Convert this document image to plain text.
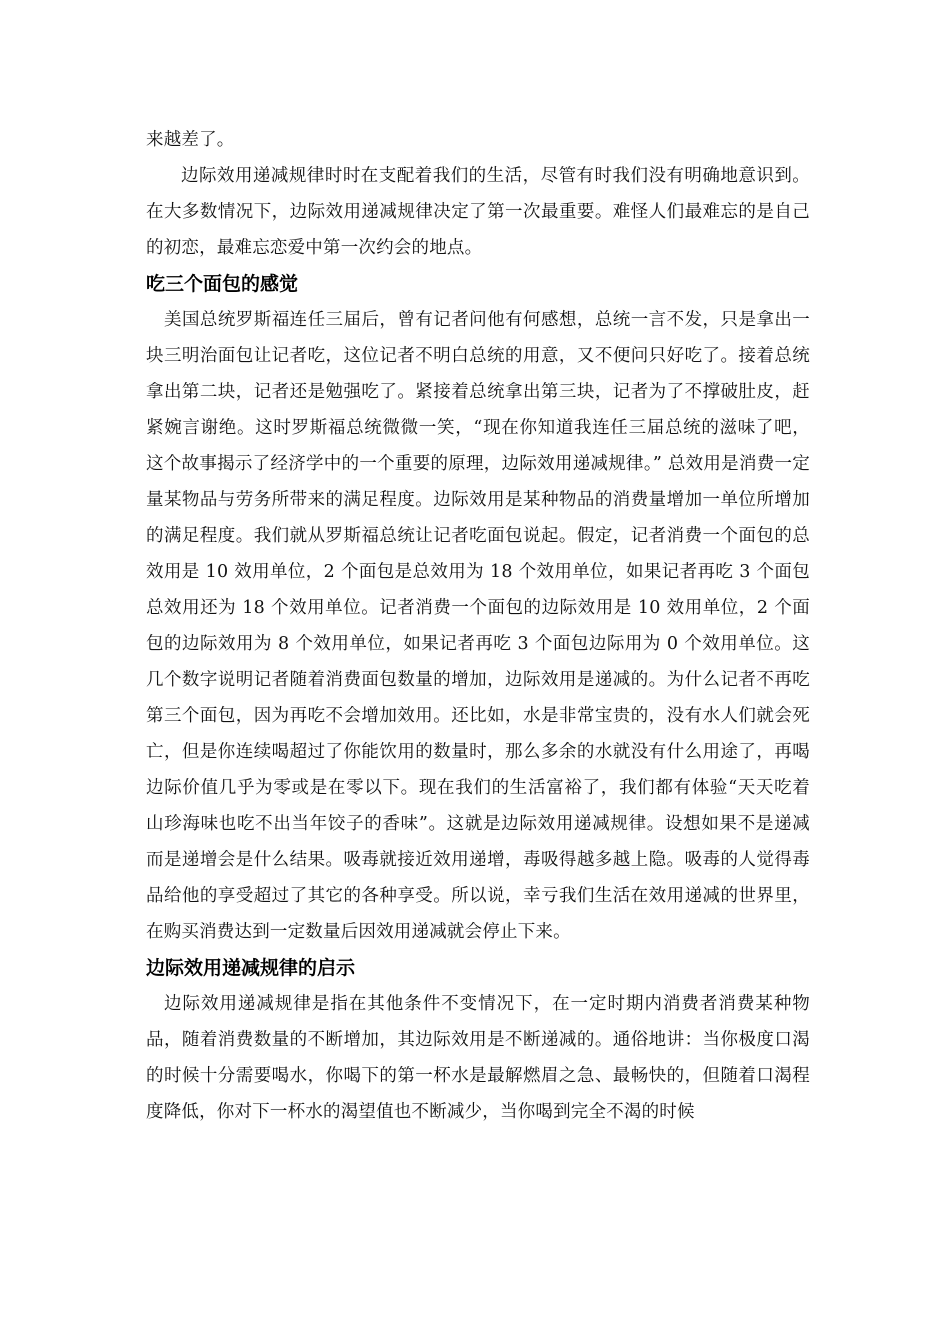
来越差了。

边际效用递减规律时时在支配着我们的生活，尽管有时我们没有明确地意识到。在大多数情况下，边际效用递减规律决定了第一次最重要。难怪人们最难忘的是自己的初恋，最难忘恋爱中第一次约会的地点。

吃三个面包的感觉

美国总统罗斯福连任三届后，曾有记者问他有何感想，总统一言不发，只是拿出一块三明治面包让记者吃，这位记者不明白总统的用意，又不便问只好吃了。接着总统拿出第二块，记者还是勉强吃了。紧接着总统拿出第三块，记者为了不撑破肚皮，赶紧婉言谢绝。这时罗斯福总统微微一笑，“现在你知道我连任三届总统的滋味了吧，这个故事揭示了经济学中的一个重要的原理，边际效用递减规律。” 总效用是消费一定量某物品与劳务所带来的满足程度。边际效用是某种物品的消费量增加一单位所增加的满足程度。我们就从罗斯福总统让记者吃面包说起。假定，记者消费一个面包的总效用是 10 效用单位，2 个面包是总效用为 18 个效用单位，如果记者再吃 3 个面包总效用还为 18 个效用单位。记者消费一个面包的边际效用是 10 效用单位，2 个面包的边际效用为 8 个效用单位，如果记者再吃 3 个面包边际用为 0 个效用单位。这几个数字说明记者随着消费面包数量的增加，边际效用是递减的。为什么记者不再吃第三个面包，因为再吃不会增加效用。还比如，水是非常宝贵的，没有水人们就会死亡，但是你连续喝超过了你能饮用的数量时，那么多余的水就没有什么用途了，再喝边际价值几乎为零或是在零以下。现在我们的生活富裕了，我们都有体验“天天吃着山珍海味也吃不出当年饺子的香味”。这就是边际效用递减规律。设想如果不是递减而是递增会是什么结果。吸毒就接近效用递增，毒吸得越多越上隐。吸毒的人觉得毒品给他的享受超过了其它的各种享受。所以说，幸亏我们生活在效用递减的世界里，在购买消费达到一定数量后因效用递减就会停止下来。

边际效用递减规律的启示

边际效用递减规律是指在其他条件不变情况下，在一定时期内消费者消费某种物品，随着消费数量的不断增加，其边际效用是不断递减的。通俗地讲：当你极度口渴的时候十分需要喝水，你喝下的第一杯水是最解燃眉之急、最畅快的，但随着口渴程度降低，你对下一杯水的渴望值也不断减少，当你喝到完全不渴的时候
